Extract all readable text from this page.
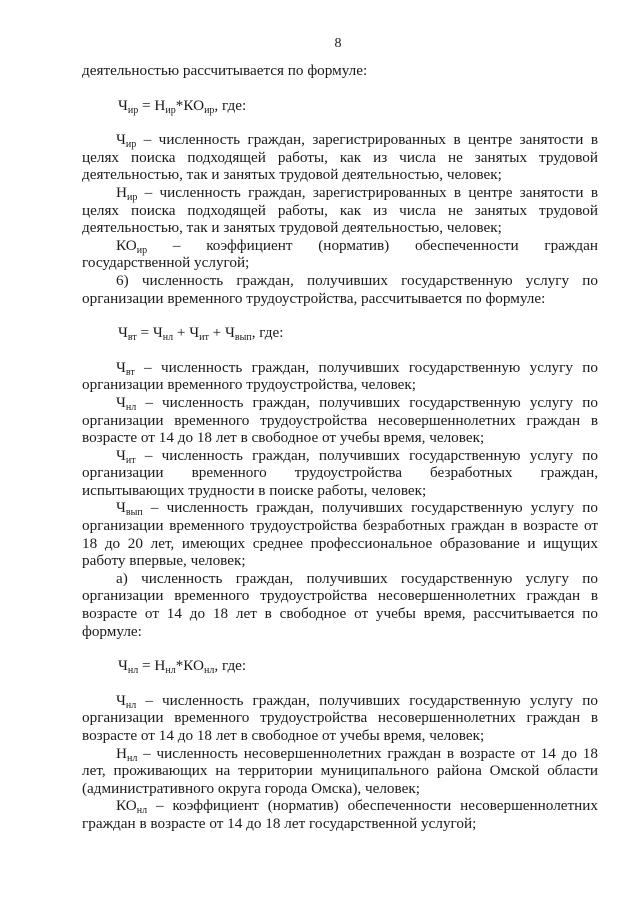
8

деятельностью рассчитывается по формуле:

$Ч_{ир} = Н_{ир}*КО_{ир}$, где:

$Ч_{ир}$ – численность граждан, зарегистрированных в центре занятости в целях поиска подходящей работы, как из числа не занятых трудовой деятельностью, так и занятых трудовой деятельностью, человек;

$Н_{ир}$ – численность граждан, зарегистрированных в центре занятости в целях поиска подходящей работы, как из числа не занятых трудовой деятельностью, так и занятых трудовой деятельностью, человек;

$КО_{ир}$ – коэффициент (норматив) обеспеченности граждан государственной услугой;

6) численность граждан, получивших государственную услугу по организации временного трудоустройства, рассчитывается по формуле:

$Ч_{вт} = Ч_{нл} + Ч_{ит} + Ч_{вып}$, где:

$Ч_{вт}$ – численность граждан, получивших государственную услугу по организации временного трудоустройства, человек;

$Ч_{нл}$ – численность граждан, получивших государственную услугу по организации временного трудоустройства несовершеннолетних граждан в возрасте от 14 до 18 лет в свободное от учебы время, человек;

$Ч_{ит}$ – численность граждан, получивших государственную услугу по организации временного трудоустройства безработных граждан, испытывающих трудности в поиске работы, человек;

$Ч_{вып}$ – численность граждан, получивших государственную услугу по организации временного трудоустройства безработных граждан в возрасте от 18 до 20 лет, имеющих среднее профессиональное образование и ищущих работу впервые, человек;

а) численность граждан, получивших государственную услугу по организации временного трудоустройства несовершеннолетних граждан в возрасте от 14 до 18 лет в свободное от учебы время, рассчитывается по формуле:

$Ч_{нл} = Н_{нл}*КО_{нл}$, где:

$Ч_{нл}$ – численность граждан, получивших государственную услугу по организации временного трудоустройства несовершеннолетних граждан в возрасте от 14 до 18 лет в свободное от учебы время, человек;

$Н_{нл}$ – численность несовершеннолетних граждан в возрасте от 14 до 18 лет, проживающих на территории муниципального района Омской области (административного округа города Омска), человек;

$КО_{нл}$ – коэффициент (норматив) обеспеченности несовершеннолетних граждан в возрасте от 14 до 18 лет государственной услугой;
